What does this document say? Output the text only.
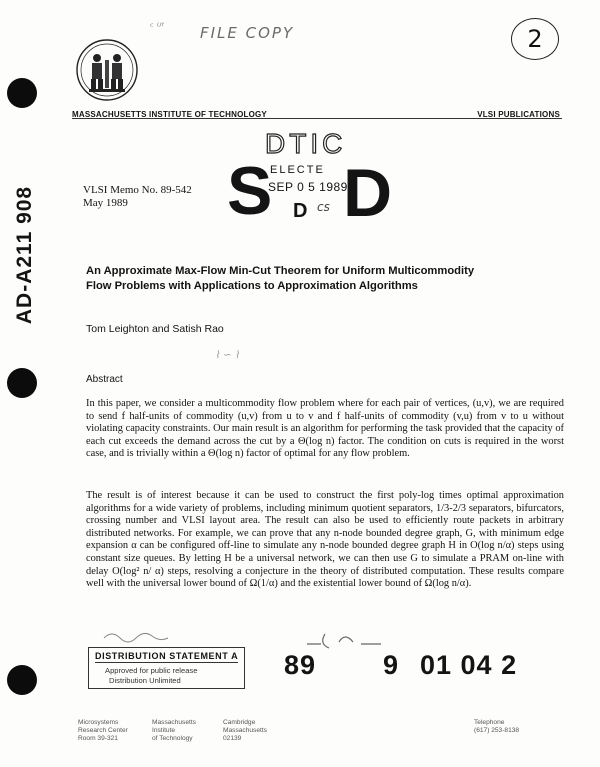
FILE COPY
ᶜ ᵁᶠ	2
MASSACHUSETTS INSTITUTE OF TECHNOLOGY	VLSI PUBLICATIONS
AD-A211 908
DTIC
ELECTE
SEP 0 5 1989
S D
D cs
VLSI Memo No. 89-542
May 1989
An Approximate Max-Flow Min-Cut Theorem for Uniform Multicommodity
Flow Problems with Applications to Approximation Algorithms
Tom Leighton and Satish Rao
⌇ ∽ ⌇
Abstract
In this paper, we consider a multicommodity flow problem where for each pair of vertices, (u,v), we are required to send f half-units of commodity (u,v) from u to v and f half-units of commodity (v,u) from v to u without violating capacity constraints. Our main result is an algorithm for performing the task provided that the capacity of each cut exceeds the demand across the cut by a Θ(log n) factor. The condition on cuts is required in the worst case, and is trivially within a Θ(log n) factor of optimal for any flow problem.
The result is of interest because it can be used to construct the first poly-log times optimal approximation algorithms for a wide variety of problems, including minimum quotient separators, 1/3-2/3 separators, bifurcators, crossing number and VLSI layout area. The result can also be used to efficiently route packets in arbitrary distributed networks. For example, we can prove that any n-node bounded degree graph, G, with minimum edge expansion α can be configured off-line to simulate any n-node bounded degree graph H in O(log n/α) steps using constant size queues. By letting H be a universal network, we can then use G to simulate a PRAM on-line with delay O(log² n/ α) steps, resolving a conjecture in the theory of distributed computation. These results compare well with the universal lower bound of Ω(1/α) and the existential lower bound of Ω(log n/α).
DISTRIBUTION STATEMENT A
Approved for public release
Distribution Unlimited
89 9 01 04 2
Microsystems
Research Center
Room 39-321
Massachusetts
Institute
of Technology
Cambridge
Massachusetts
02139
Telephone
(617) 253-8138
